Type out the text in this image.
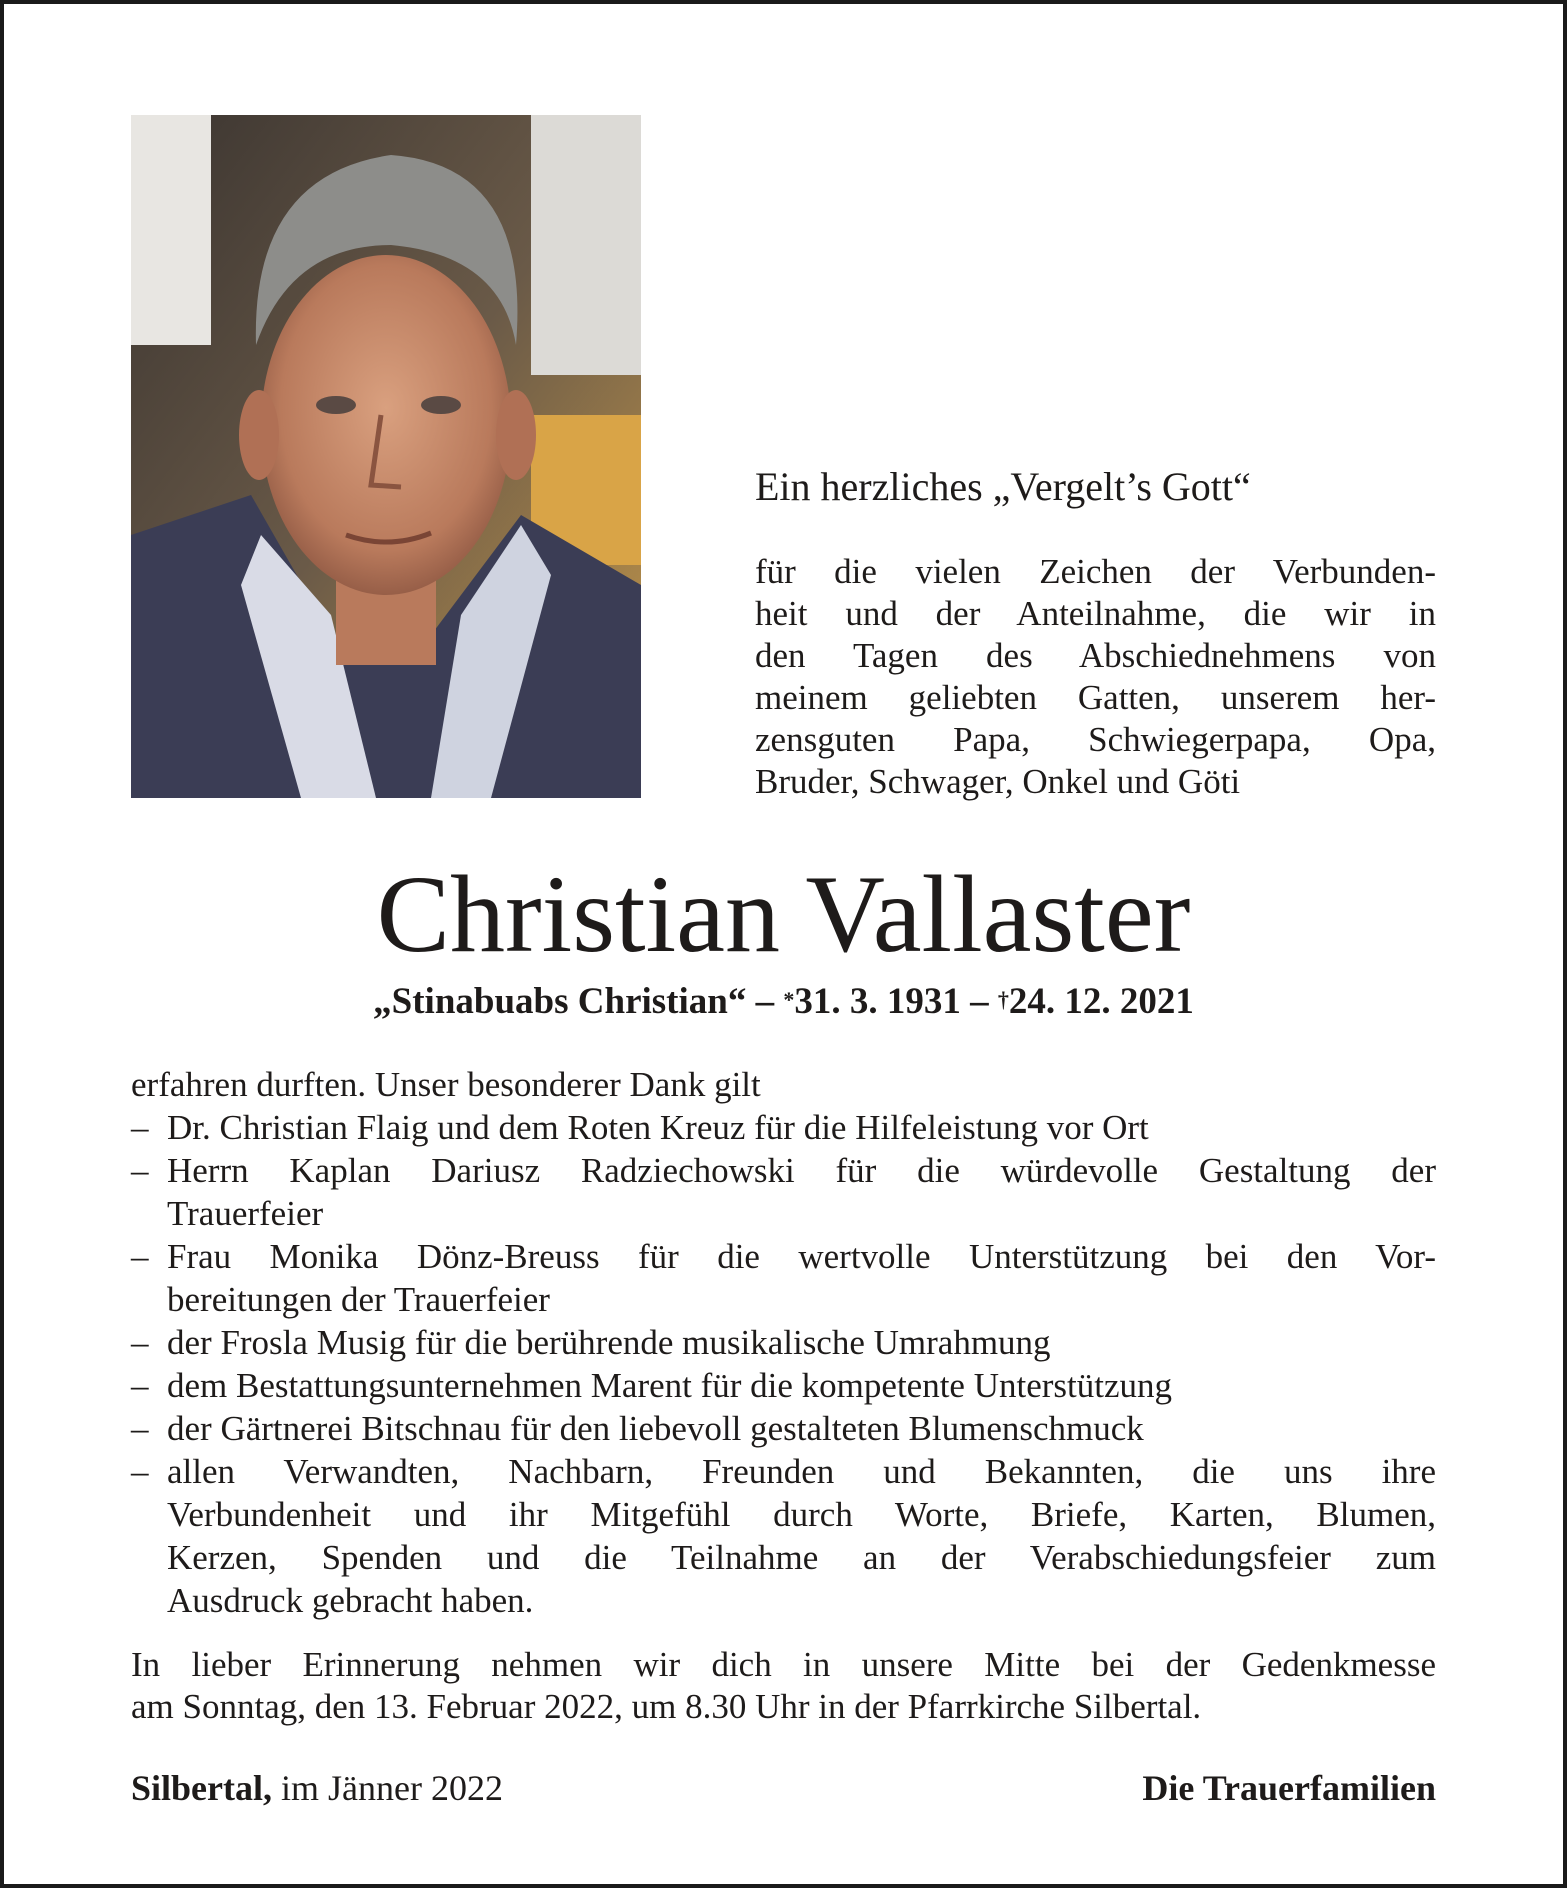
Ein herzliches „Vergelt’s Gott“
für die vielen Zeichen der Verbunden-
heit und der Anteilnahme, die wir in
den Tagen des Abschiednehmens von
meinem geliebten Gatten, unserem her-
zensguten Papa, Schwiegerpapa, Opa,
Bruder, Schwager, Onkel und Göti
Christian Vallaster
„Stinabuabs Christian“ – *31. 3. 1931 – †24. 12. 2021
erfahren durften. Unser besonderer Dank gilt
– Dr. Christian Flaig und dem Roten Kreuz für die Hilfeleistung vor Ort
– Herrn Kaplan Dariusz Radziechowski für die würdevolle Gestaltung der
Trauerfeier
– Frau Monika Dönz-Breuss für die wertvolle Unterstützung bei den Vor-
bereitungen der Trauerfeier
– der Frosla Musig für die berührende musikalische Umrahmung
– dem Bestattungsunternehmen Marent für die kompetente Unterstützung
– der Gärtnerei Bitschnau für den liebevoll gestalteten Blumenschmuck
– allen Verwandten, Nachbarn, Freunden und Bekannten, die uns ihre
Verbundenheit und ihr Mitgefühl durch Worte, Briefe, Karten, Blumen,
Kerzen, Spenden und die Teilnahme an der Verabschiedungsfeier zum
Ausdruck gebracht haben.
In lieber Erinnerung nehmen wir dich in unsere Mitte bei der Gedenkmesse
am Sonntag, den 13. Februar 2022, um 8.30 Uhr in der Pfarrkirche Silbertal.
Silbertal, im Jänner 2022	Die Trauerfamilien
